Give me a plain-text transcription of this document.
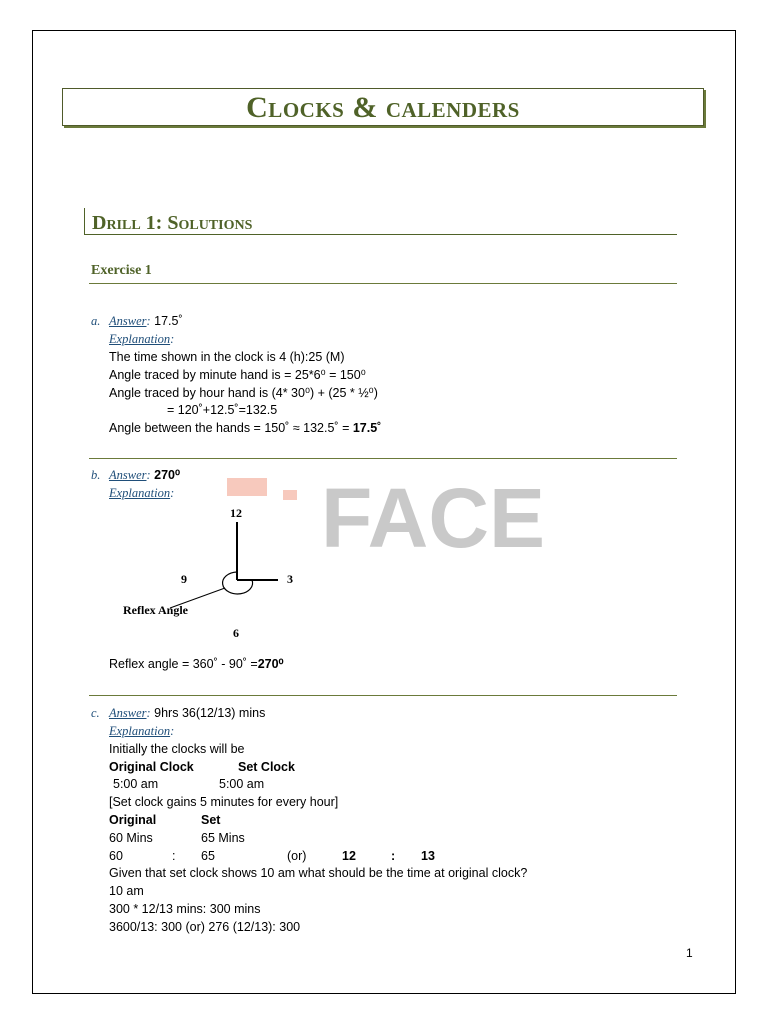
Clocks & calenders
Drill 1: Solutions
Exercise 1
a. Answer: 17.5˚
Explanation:
The time shown in the clock is 4 (h):25 (M)
Angle traced by minute hand is = 25*6⁰ = 150⁰
Angle traced by hour hand is (4* 30⁰) + (25 * ½⁰)
= 120˚+12.5˚=132.5
Angle between the hands = 150˚ ≈ 132.5˚ = 17.5˚
b. Answer: 270⁰
Explanation: FACE
12
3
9
6
Reflex Angle
Reflex angle = 360˚ - 90˚ =270⁰
c. Answer: 9hrs 36(12/13) mins
Explanation:
Initially the clocks will be
Original Clock	Set Clock
5:00 am	5:00 am
[Set clock gains 5 minutes for every hour]
Original	Set
60 Mins	65 Mins
60	: 65	(or)	12	: 13
Given that set clock shows 10 am what should be the time at original clock?
10 am
300 * 12/13 mins: 300 mins
3600/13: 300 (or) 276 (12/13): 300
1
